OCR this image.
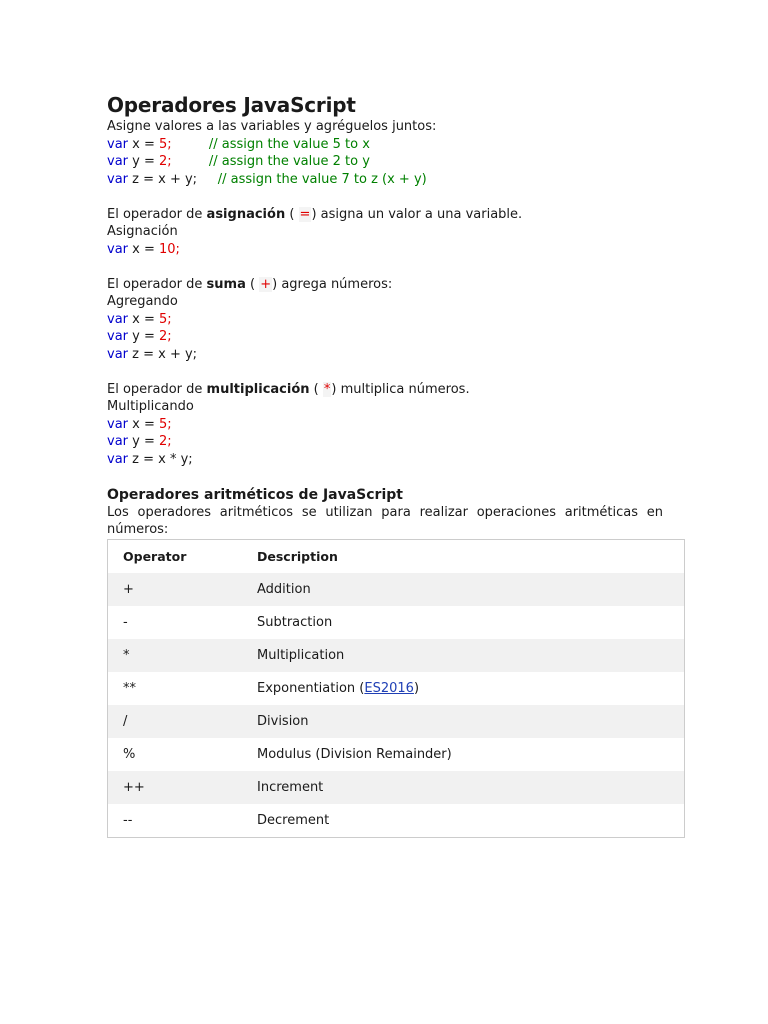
Operadores JavaScript

Asigne valores a las variables y agréguelos juntos:

var x = 5;	// assign the value 5 to x

var y = 2;	// assign the value 2 to y

var z = x + y; // assign the value 7 to z (x + y)

El operador de asignación ( =) asigna un valor a una variable.

Asignación

var x = 10;

El operador de suma ( +) agrega números:

Agregando

var x = 5;

var y = 2;

var z = x + y;

El operador de multiplicación ( *) multiplica números.

Multiplicando

var x = 5;

var y = 2;

var z = x * y;

Operadores aritméticos de JavaScript

Los operadores aritméticos se utilizan para realizar operaciones aritméticas en números:

Operator	Description
+	Addition
-	Subtraction
*	Multiplication
**	Exponentiation (ES2016)
/	Division
%	Modulus (Division Remainder)
++	Increment
--	Decrement
